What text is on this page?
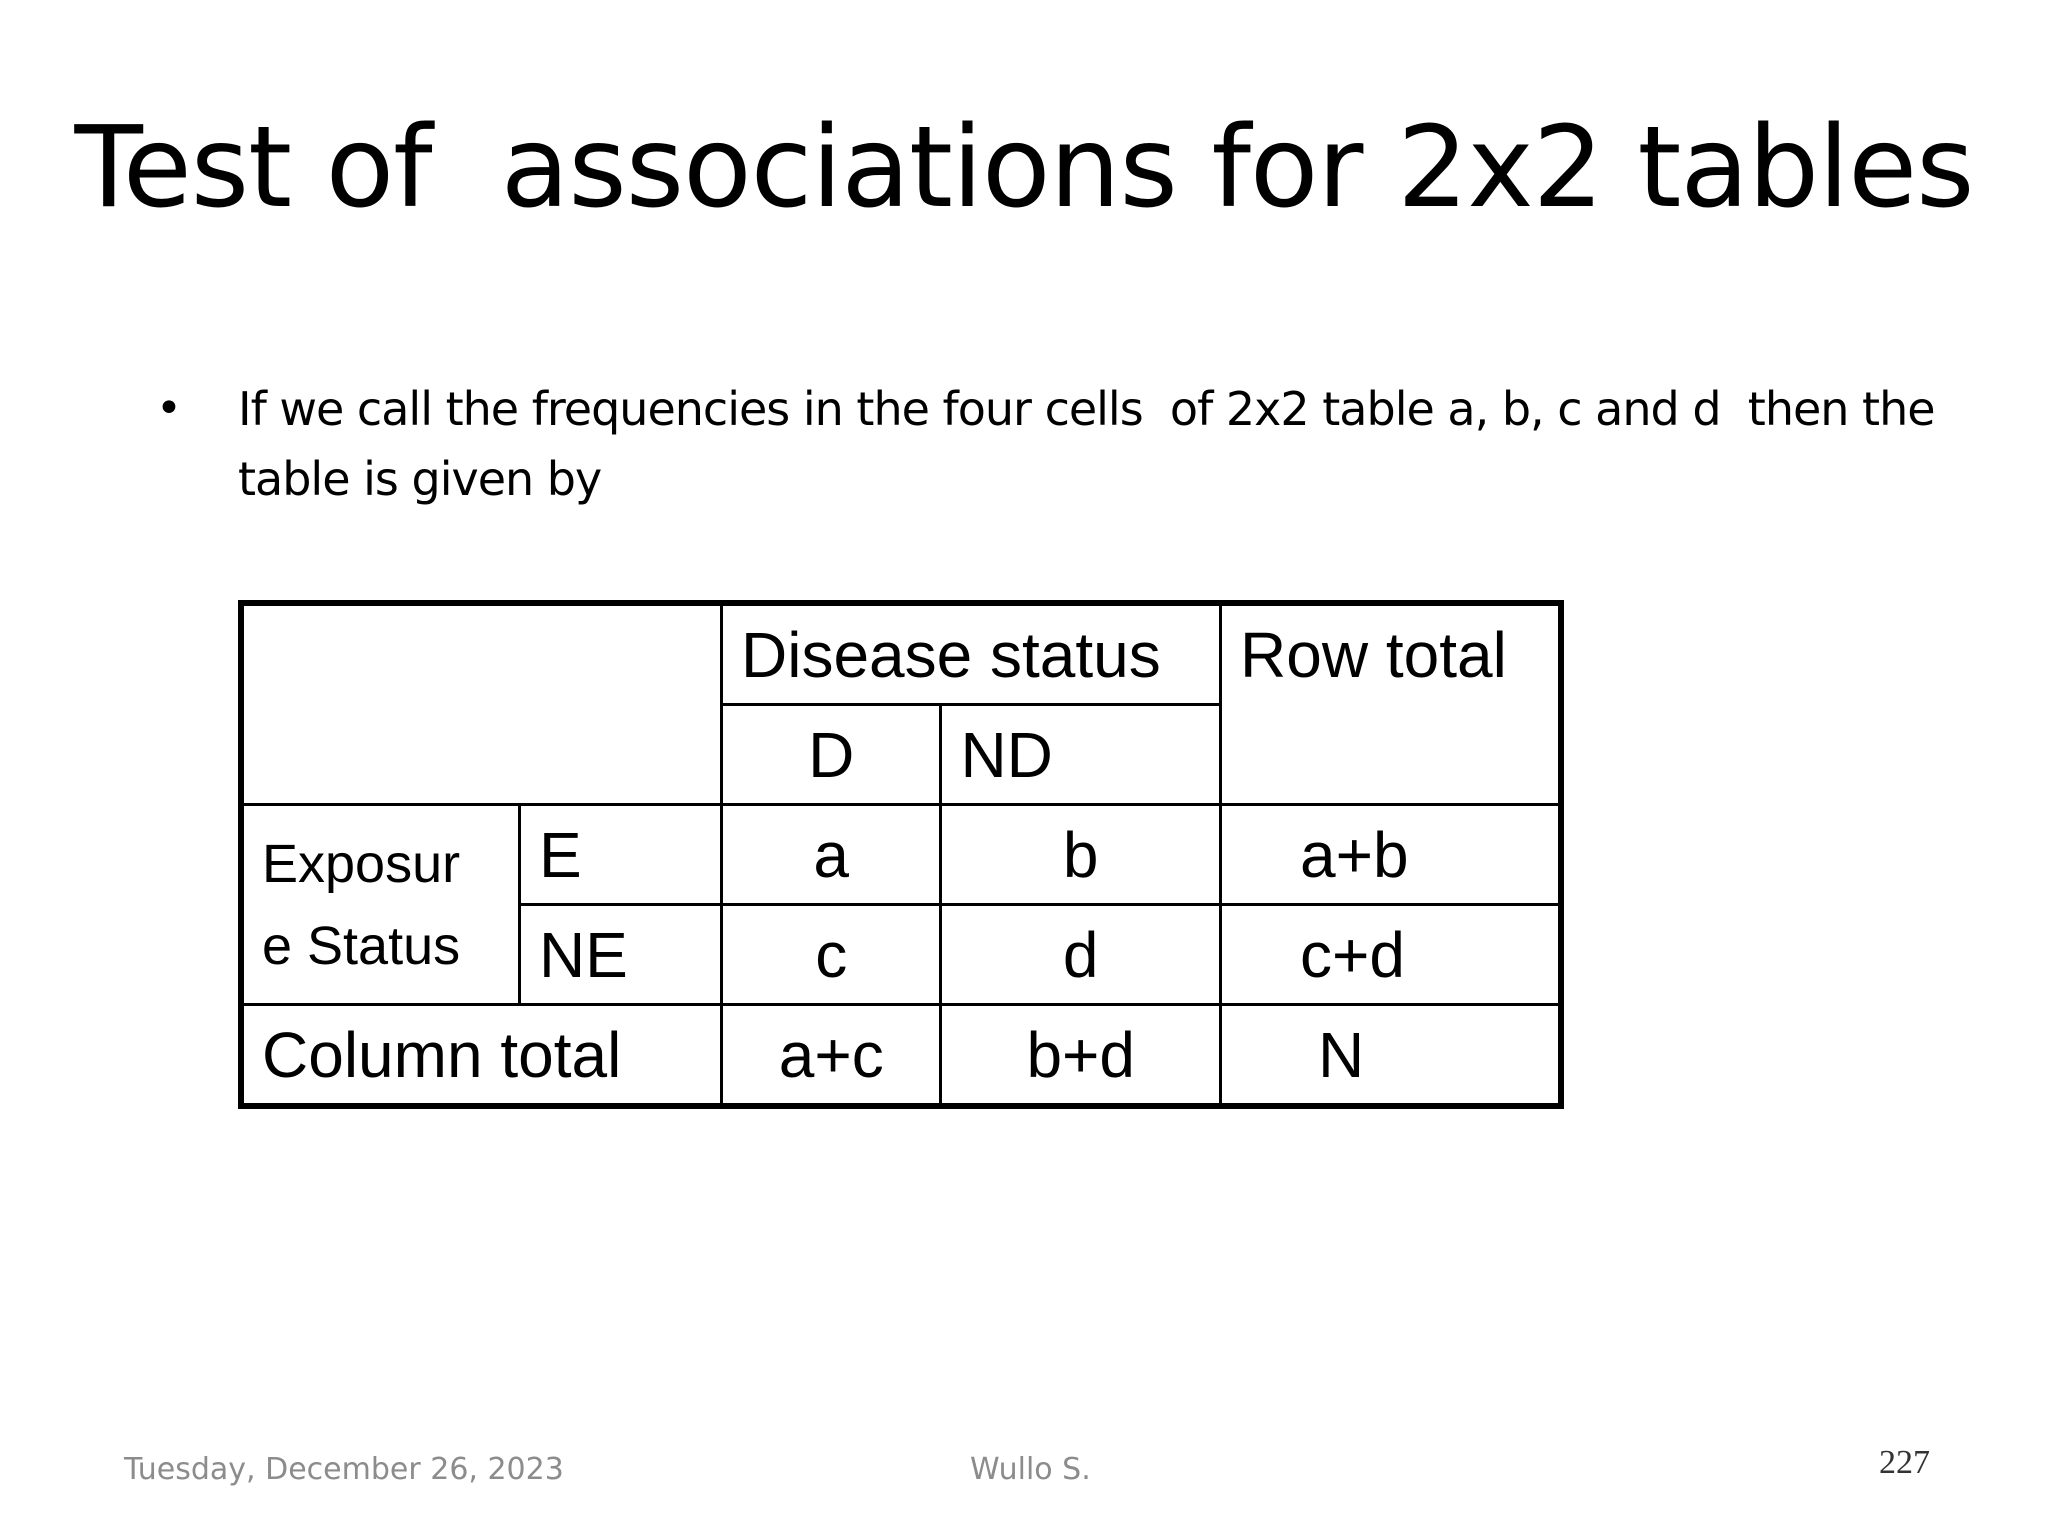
Test of  associations for 2x2 tables
• If we call the frequencies in the four cells  of 2x2 table a, b, c and d  then the table is given by
		Disease status		Row total
		D	ND	
Exposur e Status	E	a	b	a+b
	NE	c	d	c+d
Column total		a+c	b+d	N
Tuesday, December 26, 2023	Wullo S.	227
